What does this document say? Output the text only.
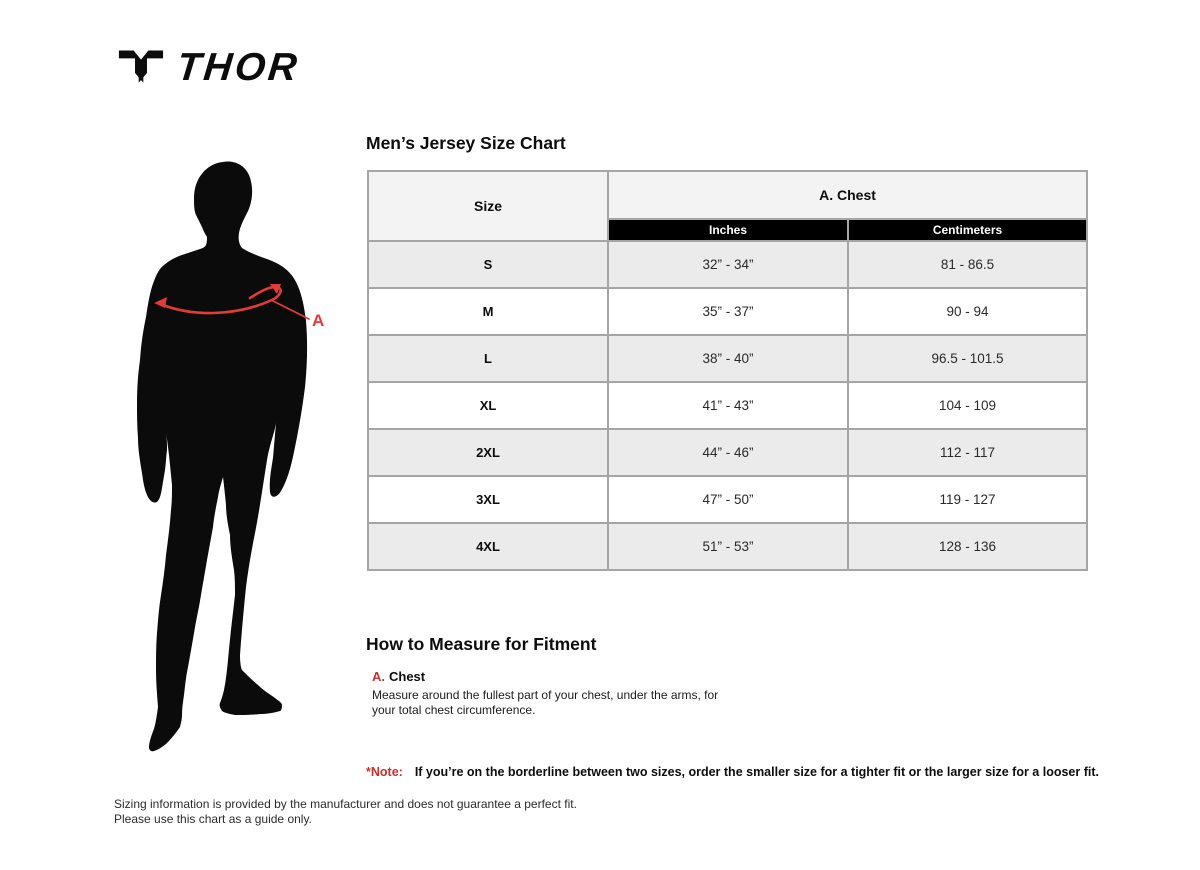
THOR
A
Men’s Jersey Size Chart
Size	A. Chest	
	Inches	Centimeters
S	32” - 34”	81 - 86.5
M	35” - 37”	90 - 94
L	38” - 40”	96.5 - 101.5
XL	41” - 43”	104 - 109
2XL	44” - 46”	112 - 117
3XL	47” - 50”	119 - 127
4XL	51” - 53”	128 - 136
How to Measure for Fitment
A. Chest

Measure around the fullest part of your chest, under the arms, for your total chest circumference.

*Note: If you’re on the borderline between two sizes, order the smaller size for a tighter fit or the larger size for a looser fit.

Sizing information is provided by the manufacturer and does not guarantee a perfect fit.
Please use this chart as a guide only.
